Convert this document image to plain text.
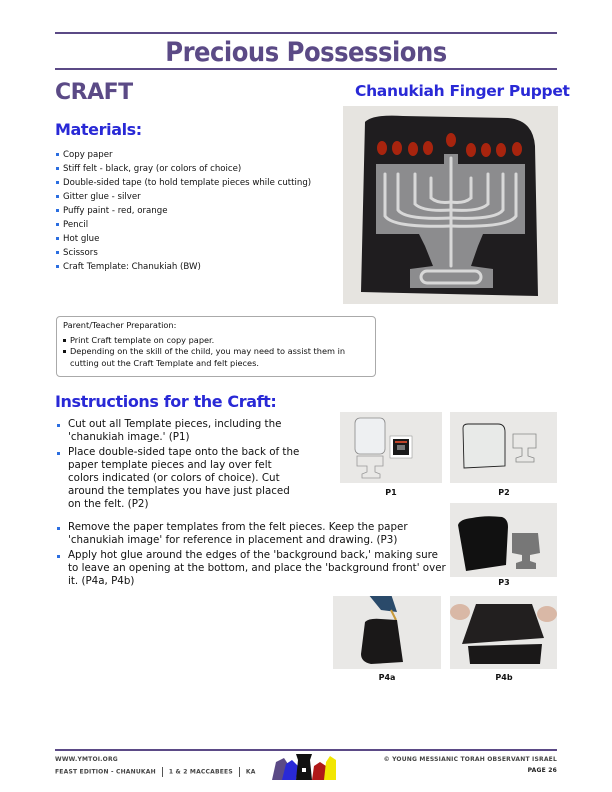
Precious Possessions
CRAFT	Chanukiah Finger Puppet
Materials:
Copy paper
Stiff felt - black, gray (or colors of choice)
Double-sided tape (to hold template pieces while cutting)
Gitter glue - silver
Puffy paint - red, orange
Pencil
Hot glue
Scissors
Craft Template: Chanukiah (BW)
Parent/Teacher Preparation:
Print Craft template on copy paper.
Depending on the skill of the child, you may need to assist them in cutting out the Craft Template and felt pieces.
Instructions for the Craft:
Cut out all Template pieces, including the 'chanukiah image.' (P1)
Place double-sided tape onto the back of the paper template pieces and lay over felt colors indicated (or colors of choice). Cut around the templates you have just placed on the felt. (P2)
Remove the paper templates from the felt pieces. Keep the paper 'chanukiah image' for reference in placement and drawing. (P3)
Apply hot glue around the edges of the 'background back,' making sure to leave an opening at the bottom, and place the 'background front' over it. (P4a, P4b)
P1	P2
P3
P4a	P4b
WWW.YMTOI.ORG
FEAST EDITION - CHANUKAH 1 & 2 MACCABEES KA
© YOUNG MESSIANIC TORAH OBSERVANT ISRAEL
PAGE 26
